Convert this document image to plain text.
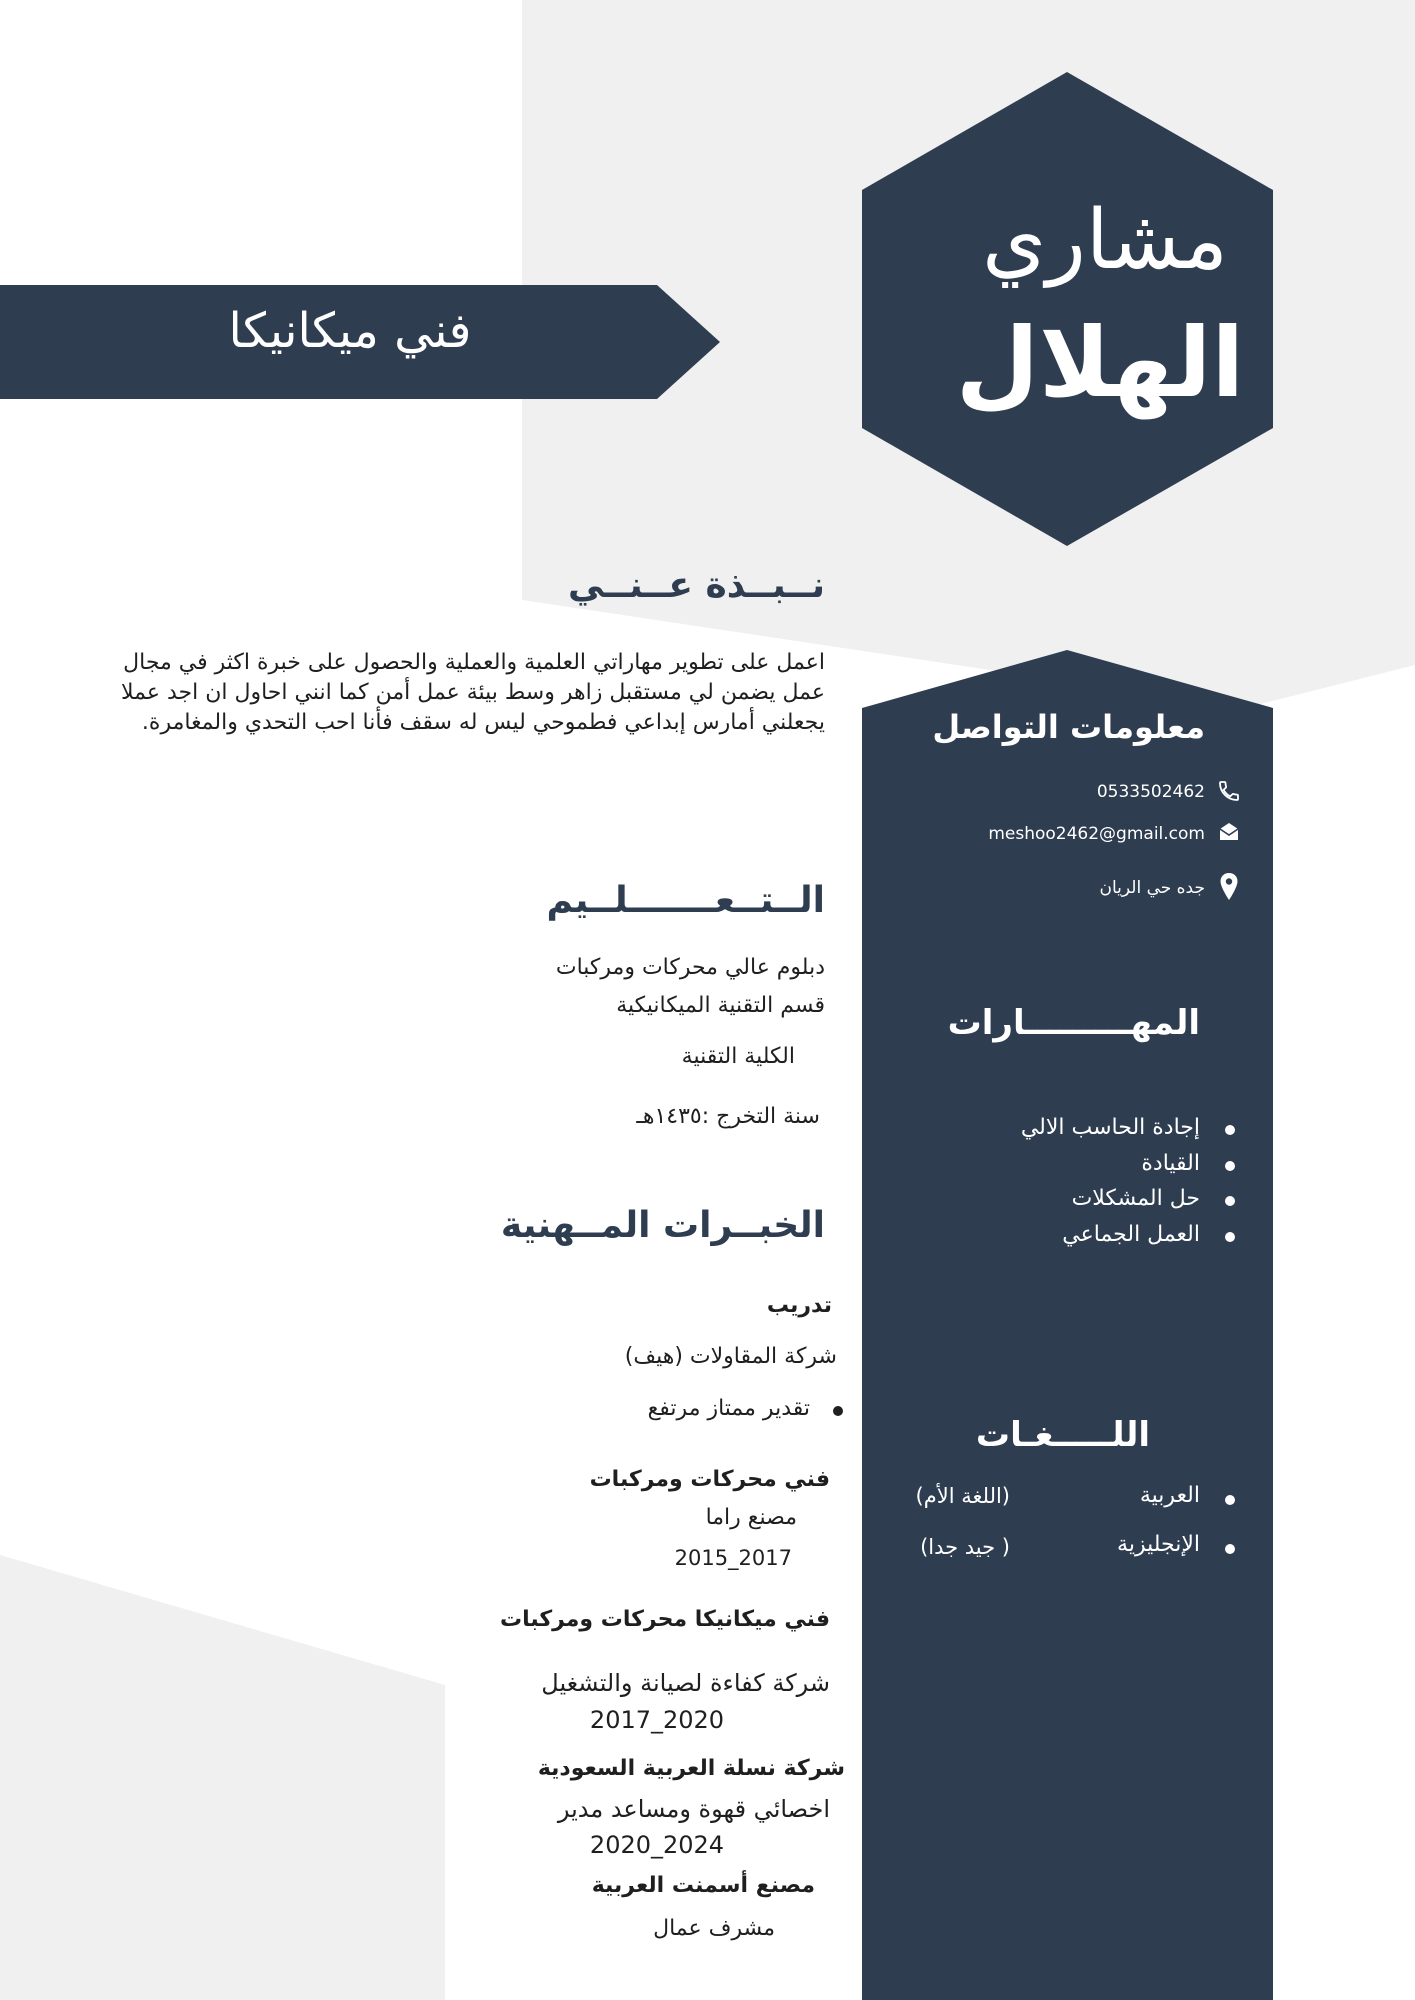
مشاري
الهلال
فني ميكانيكا
نــبــذة عــنــي
اعمل على تطوير مهاراتي العلمية والعملية والحصول على خبرة اكثر في مجال عمل يضمن لي مستقبل زاهر وسط بيئة عمل أمن كما انني احاول ان اجد عملا يجعلني أمارس إبداعي فطموحي ليس له سقف فأنا احب التحدي والمغامرة.
الــتــعـــــــلــيم
دبلوم عالي محركات ومركبات
قسم التقنية الميكانيكية
الكلية التقنية
سنة التخرج :١٤٣٥هـ
الخبــرات المــهنية
تدريب
شركة المقاولات (هيف)
تقدير ممتاز مرتفع
فني محركات ومركبات
مصنع راما
2015_2017
فني ميكانيكا محركات ومركبات
شركة كفاءة لصيانة والتشغيل
2017_2020
شركة نسلة العربية السعودية
اخصائي قهوة ومساعد مدير
2020_2024
مصنع أسمنت العربية
مشرف عمال
معلومات التواصل
0533502462
meshoo2462@gmail.com
جده حي الريان
المهـــــــــارات
إجادة الحاسب الالي
القيادة
حل المشكلات
العمل الجماعي
اللـــــغـات
العربية
(اللغة الأم)
الإنجليزية
( جيد جدا)
